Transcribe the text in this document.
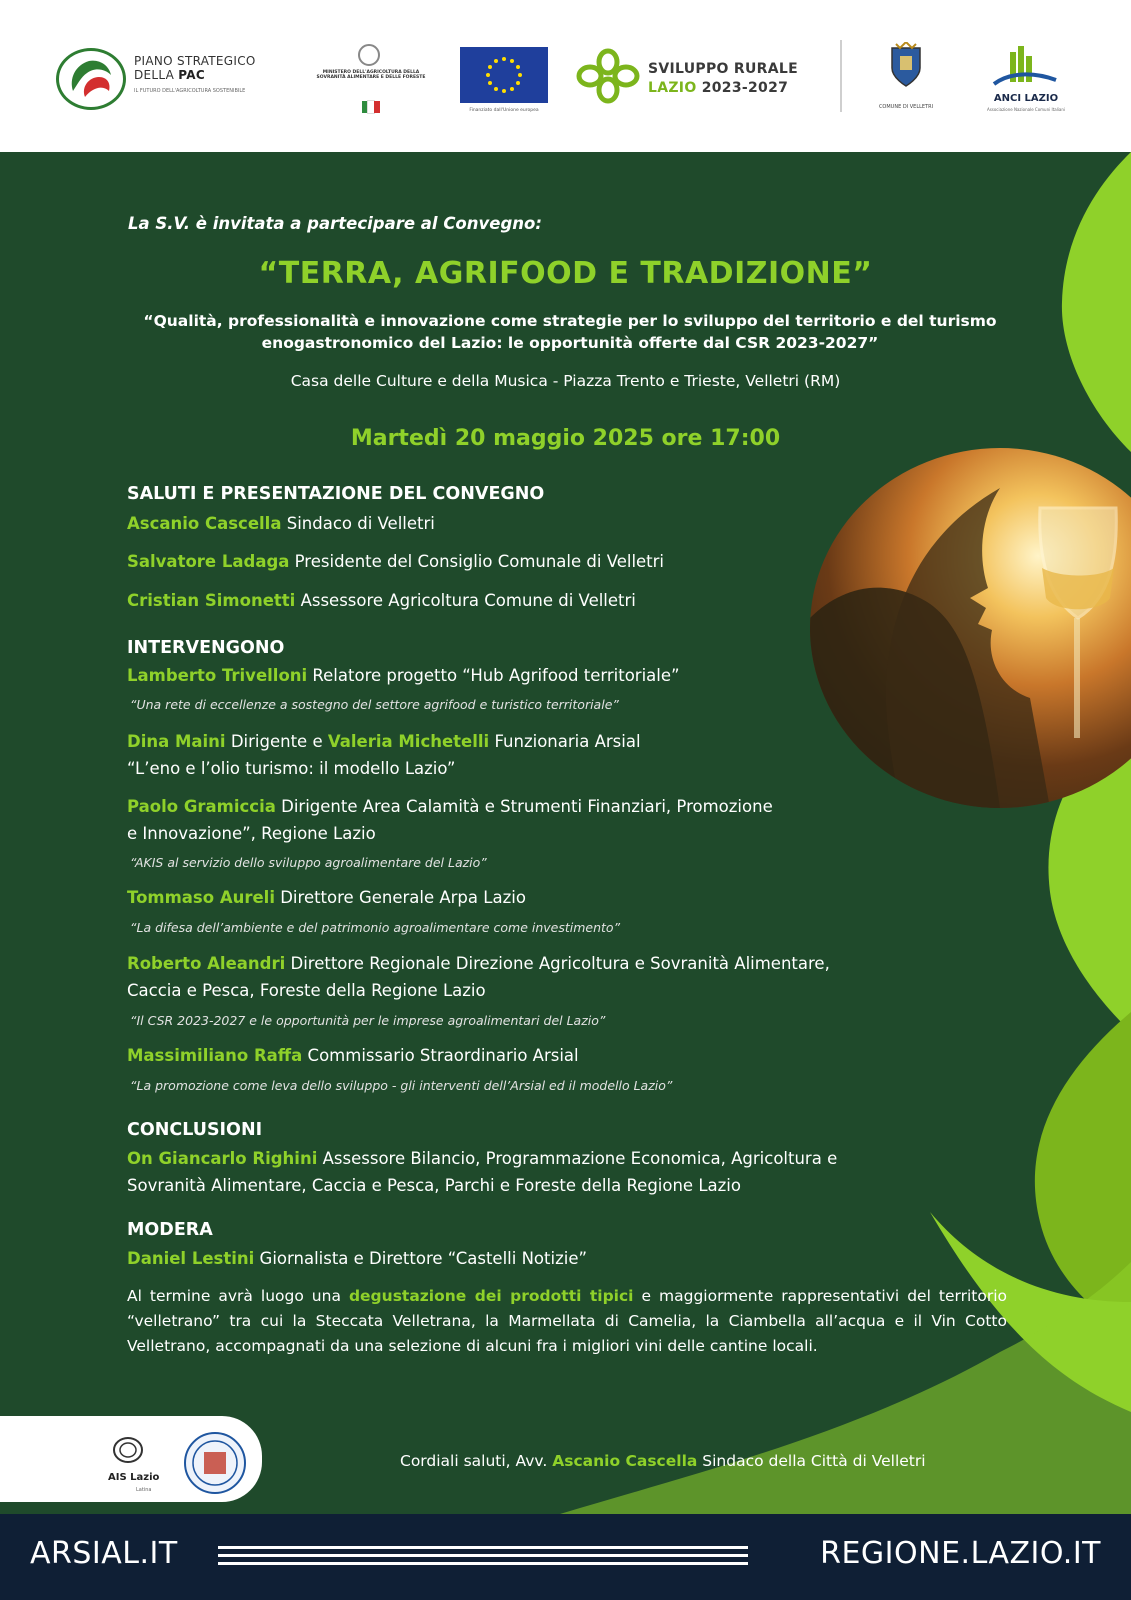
PIANO STRATEGICO
DELLA PAC
IL FUTURO DELL'AGRICOLTURA SOSTENIBILE
MINISTERO DELL'AGRICOLTURA DELLA SOVRANITÀ ALIMENTARE E DELLE FORESTE
Finanziato dall'Unione europea
SVILUPPO RURALE
LAZIO 2023-2027
COMUNE DI VELLETRI
ANCI LAZIO
Associazione Nazionale Comuni Italiani
La S.V. è invitata a partecipare al Convegno:
“TERRA, AGRIFOOD E TRADIZIONE”
“Qualità, professionalità e innovazione come strategie per lo sviluppo del territorio e del turismo enogastronomico del Lazio: le opportunità offerte dal CSR 2023-2027”
Casa delle Culture e della Musica - Piazza Trento e Trieste, Velletri (RM)
Martedì 20 maggio 2025 ore 17:00
SALUTI E PRESENTAZIONE DEL CONVEGNO
Ascanio Cascella Sindaco di Velletri
Salvatore Ladaga Presidente del Consiglio Comunale di Velletri
Cristian Simonetti Assessore Agricoltura Comune di Velletri
INTERVENGONO
Lamberto Trivelloni Relatore progetto “Hub Agrifood territoriale”
“Una rete di eccellenze a sostegno del settore agrifood e turistico territoriale”
Dina Maini Dirigente e Valeria Michetelli Funzionaria Arsial
“L’eno e l’olio turismo: il modello Lazio”
Paolo Gramiccia Dirigente Area Calamità e Strumenti Finanziari, Promozione
e Innovazione”, Regione Lazio
“AKIS al servizio dello sviluppo agroalimentare del Lazio”
Tommaso Aureli Direttore Generale Arpa Lazio
“La difesa dell’ambiente e del patrimonio agroalimentare come investimento”
Roberto Aleandri Direttore Regionale Direzione Agricoltura e Sovranità Alimentare,
Caccia e Pesca, Foreste della Regione Lazio
“Il CSR 2023-2027 e le opportunità per le imprese agroalimentari del Lazio”
Massimiliano Raffa Commissario Straordinario Arsial
“La promozione come leva dello sviluppo - gli interventi dell’Arsial ed il modello Lazio”
CONCLUSIONI
On Giancarlo Righini Assessore Bilancio, Programmazione Economica, Agricoltura e
Sovranità Alimentare, Caccia e Pesca, Parchi e Foreste della Regione Lazio
MODERA
Daniel Lestini Giornalista e Direttore “Castelli Notizie”
Al termine avrà luogo una degustazione dei prodotti tipici e maggiormente rappresentativi del territorio “velletrano” tra cui la Steccata Velletrana, la Marmellata di Camelia, la Ciambella all’acqua e il Vin Cotto Velletrano, accompagnati da una selezione di alcuni fra i migliori vini delle cantine locali.
AIS Lazio
Latina
Cordiali saluti, Avv. Ascanio Cascella Sindaco della Città di Velletri
ARSIAL.IT	REGIONE.LAZIO.IT
